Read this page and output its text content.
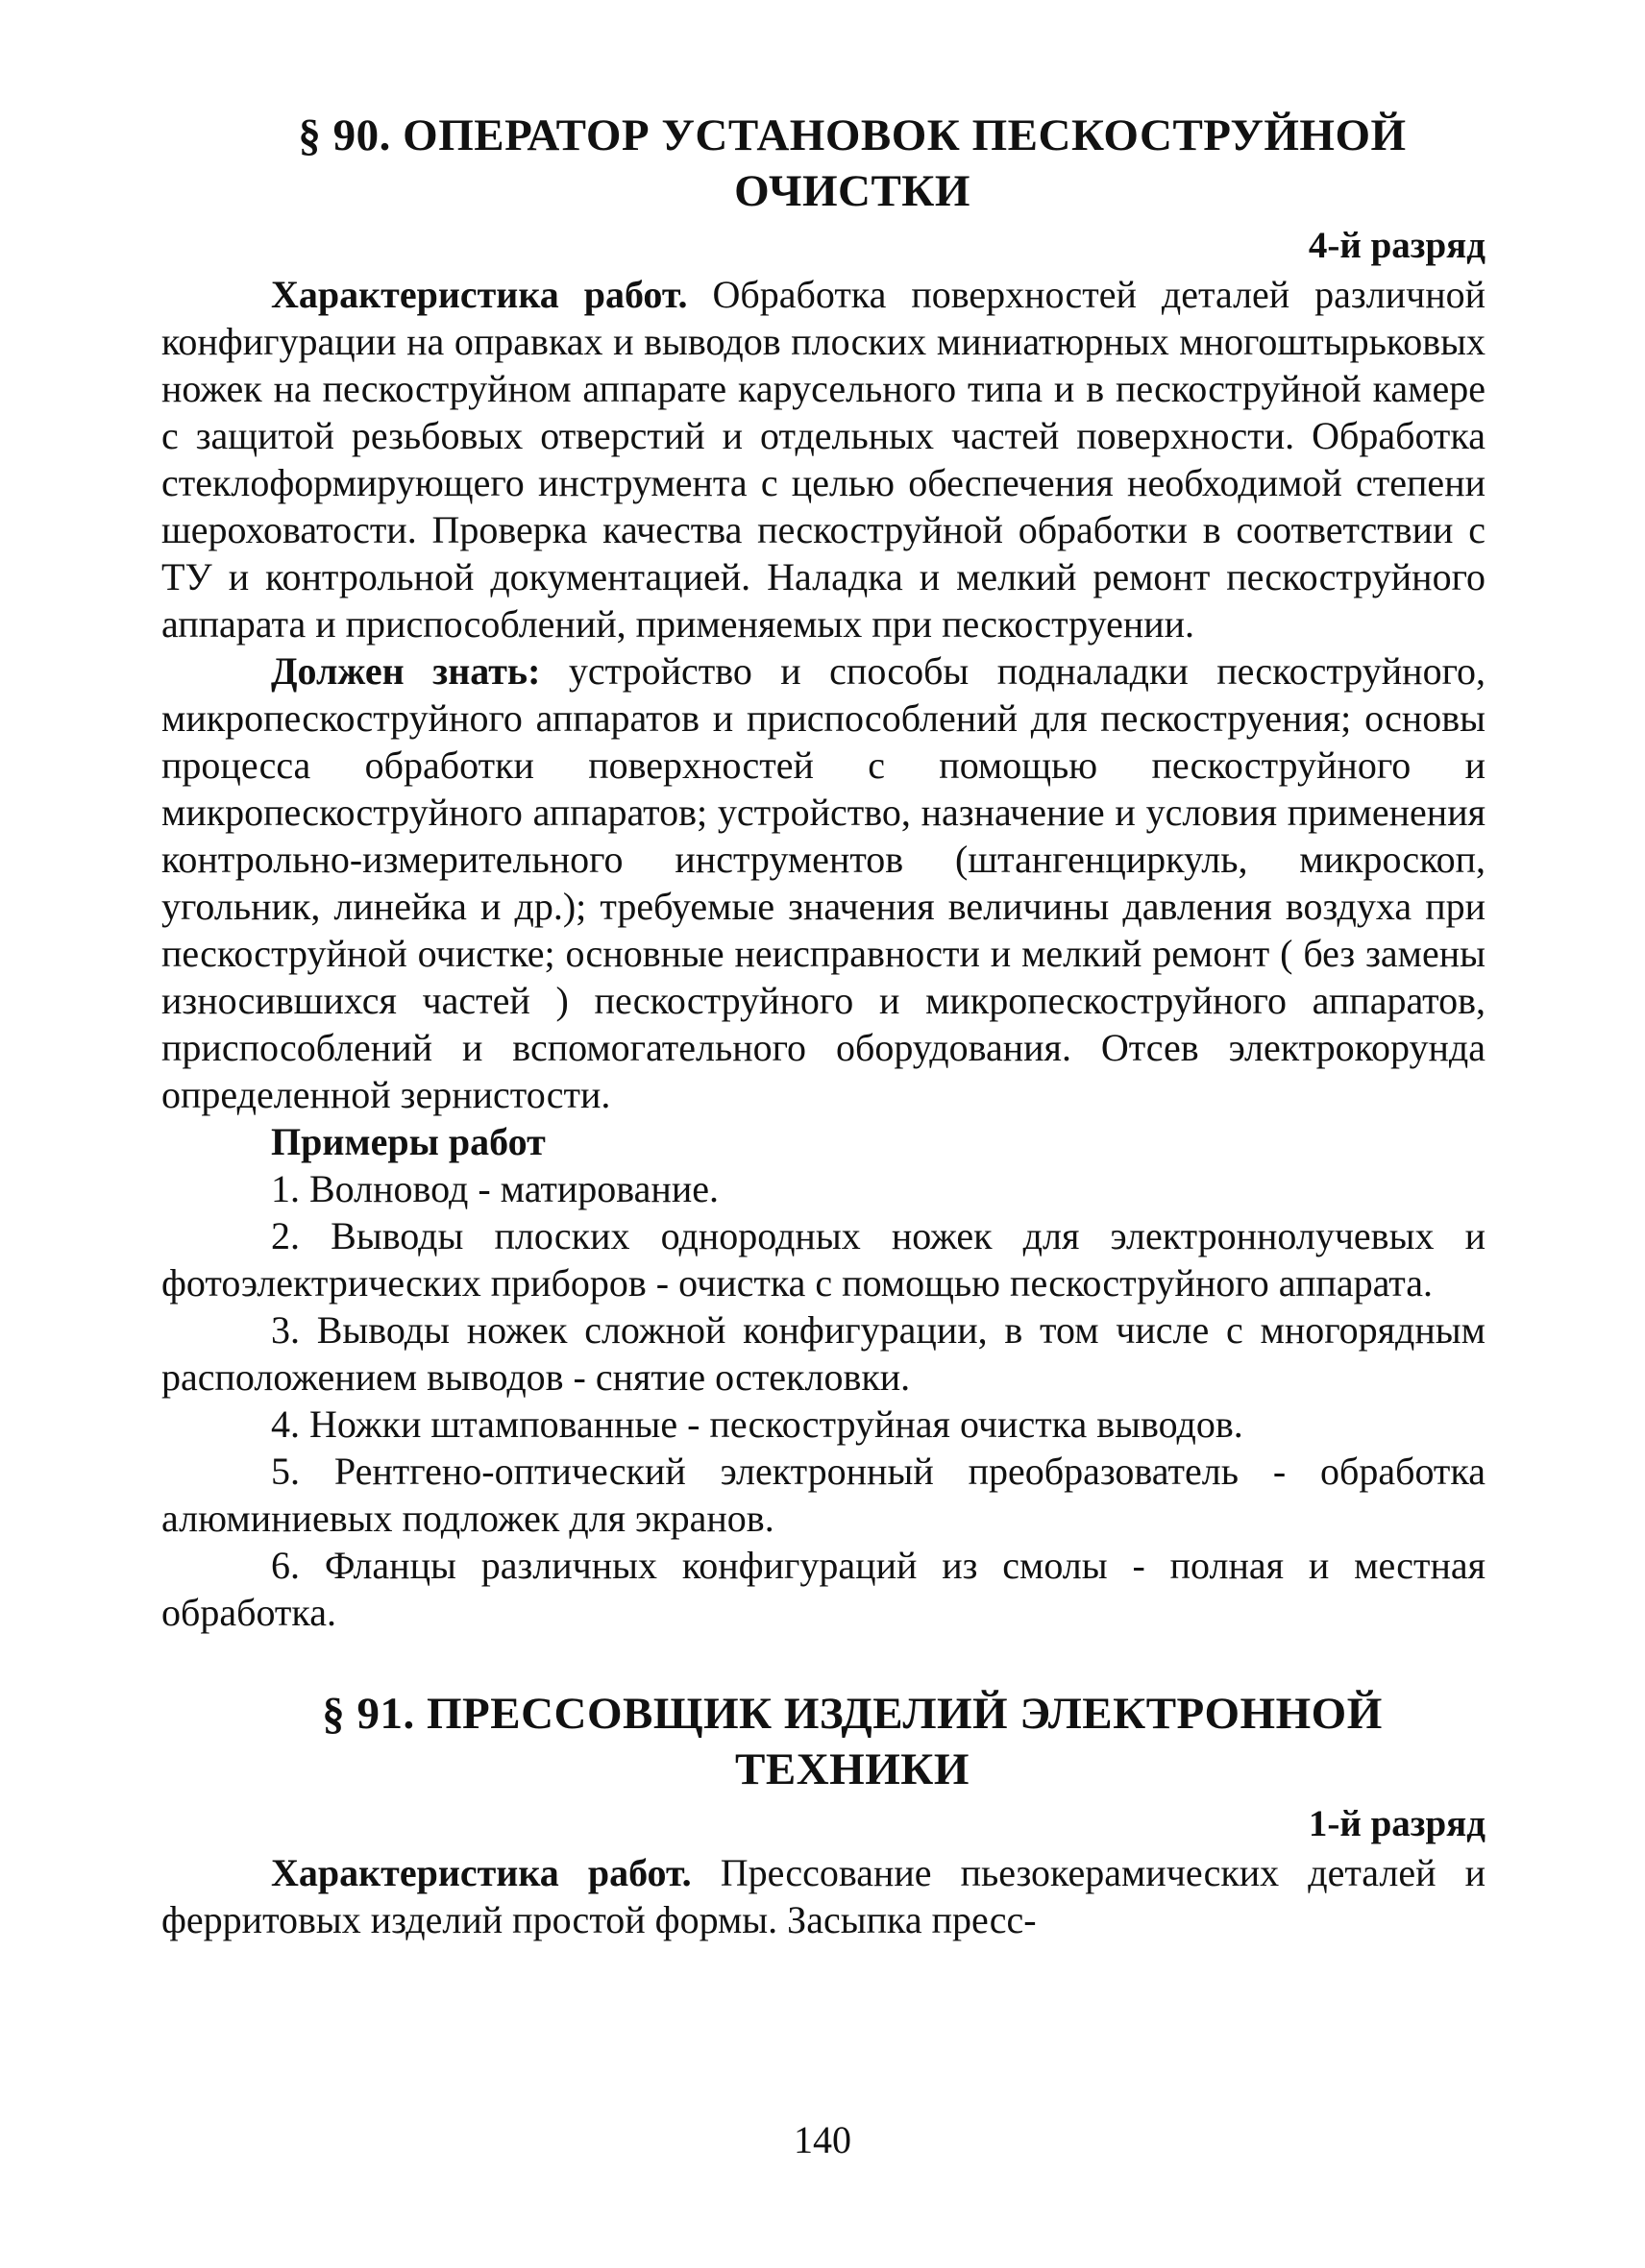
§ 90. ОПЕРАТОР УСТАНОВОК ПЕСКОСТРУЙНОЙ
ОЧИСТКИ
4-й разряд

Характеристика работ. Обработка поверхностей деталей различной конфигурации на оправках и выводов плоских миниатюрных многоштырьковых ножек на пескоструйном аппарате карусельного типа и в пескоструйной камере с защитой резьбовых отверстий и отдельных частей поверхности. Обработка стеклоформирующего инструмента с целью обеспечения необходимой степени шероховатости. Проверка качества пескоструйной обработки в соответствии с ТУ и контрольной документацией. Наладка и мелкий ремонт пескоструйного аппарата и приспособлений, применяемых при пескоструении.

Должен знать: устройство и способы подналадки пескоструйного, микропескоструйного аппаратов и приспособлений для пескоструения; основы процесса обработки поверхностей с помощью пескоструйного и микропескоструйного аппаратов; устройство, назначение и условия применения контрольно-измерительного инструментов (штангенциркуль, микроскоп, угольник, линейка и др.); требуемые значения величины давления воздуха при пескоструйной очистке; основные неисправности и мелкий ремонт ( без замены износившихся частей ) пескоструйного и микропескоструйного аппаратов, приспособлений и вспомогательного оборудования. Отсев электрокорунда определенной зернистости.

Примеры работ

1. Волновод - матирование.

2. Выводы плоских однородных ножек для электроннолучевых и фотоэлектрических приборов - очистка с помощью пескоструйного аппарата.

3. Выводы ножек сложной конфигурации, в том числе с многорядным расположением выводов - снятие остекловки.

4. Ножки штампованные - пескоструйная очистка выводов.

5. Рентгено-оптический электронный преобразователь - обработка алюминиевых подложек для экранов.

6. Фланцы различных конфигураций из смолы - полная и местная обработка.

§ 91. ПРЕССОВЩИК ИЗДЕЛИЙ ЭЛЕКТРОННОЙ
ТЕХНИКИ
1-й разряд

Характеристика работ. Прессование пьезокерамических деталей и ферритовых изделий простой формы. Засыпка пресс-

140
